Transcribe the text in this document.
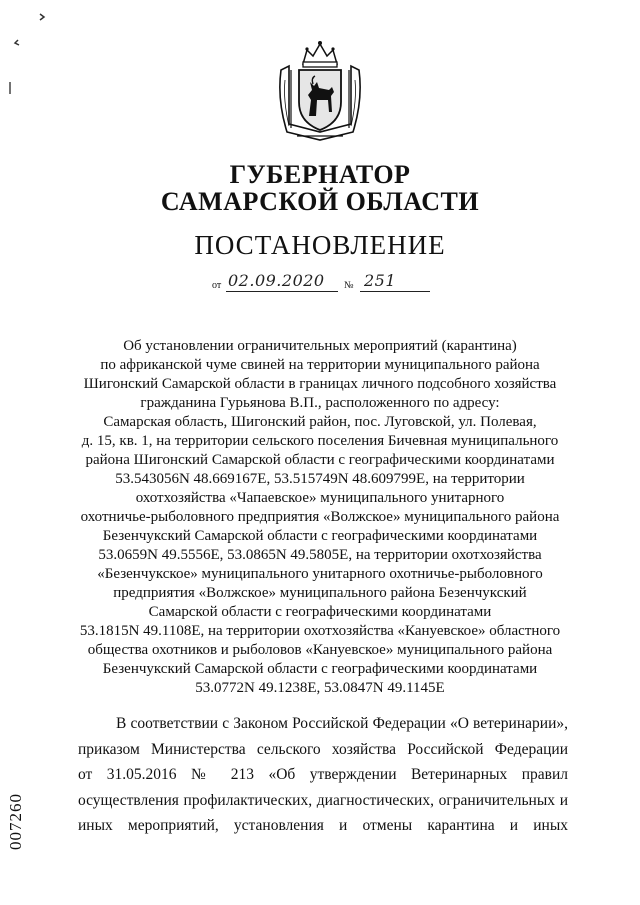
ГУБЕРНАТОР
САМАРСКОЙ ОБЛАСТИ
ПОСТАНОВЛЕНИЕ
от 02.09.2020 № 251
Об установлении ограничительных мероприятий (карантина)
по африканской чуме свиней на территории муниципального района
Шигонский Самарской области в границах личного подсобного хозяйства
гражданина Гурьянова В.П., расположенного по адресу:
Самарская область, Шигонский район, пос. Луговской, ул. Полевая,
д. 15, кв. 1, на территории сельского поселения Бичевная муниципального
района Шигонский Самарской области с географическими координатами
53.543056N 48.669167E, 53.515749N 48.609799E, на территории
охотхозяйства «Чапаевское» муниципального унитарного
охотничье-рыболовного предприятия «Волжское» муниципального района
Безенчукский Самарской области с географическими координатами
53.0659N 49.5556E, 53.0865N 49.5805E, на территории охотхозяйства
«Безенчукское» муниципального унитарного охотничье-рыболовного
предприятия «Волжское» муниципального района Безенчукский
Самарской области с географическими координатами
53.1815N 49.1108E, на территории охотхозяйства «Кануевское» областного
общества охотников и рыболовов «Кануевское» муниципального района
Безенчукский Самарской области с географическими координатами
53.0772N 49.1238E, 53.0847N 49.1145E
В соответствии с Законом Российской Федерации «О ветеринарии»,
приказом Министерства сельского хозяйства Российской Федерации
от 31.05.2016 № 213 «Об утверждении Ветеринарных правил
осуществления профилактических, диагностических, ограничительных и
иных мероприятий, установления и отмены карантина и иных
007260
